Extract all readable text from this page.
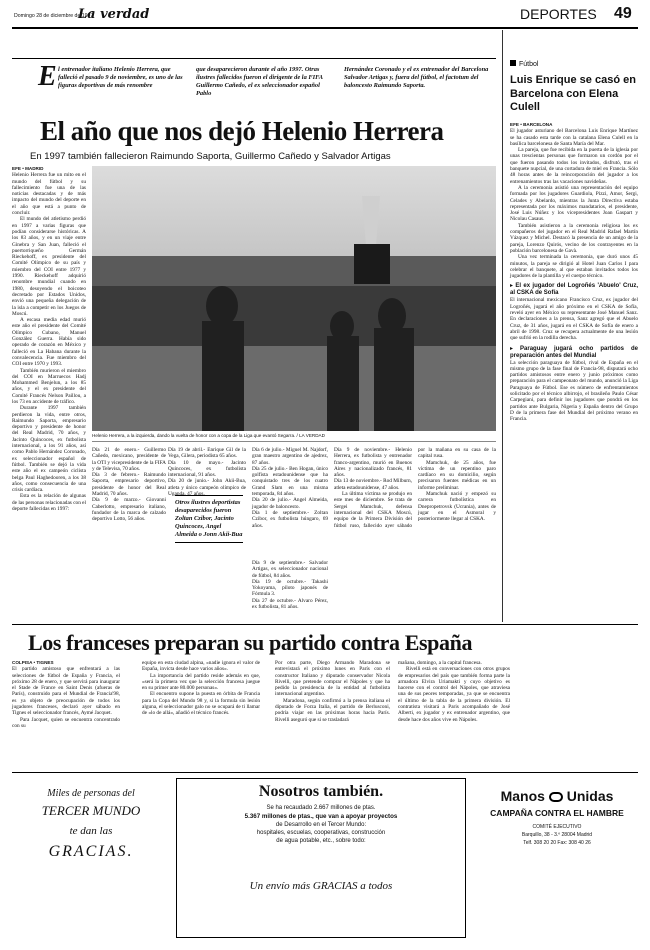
Domingo 28 de diciembre de 1997
La verdad	DEPORTES 49
E l entrenador italiano Helenio Herrera, que falleció el pasado 9 de noviembre, es uno de las figuras deportivas de más renombre
que desaparecieron durante el año 1997. Otras ilustres fallecidos fueron el dirigente de la FIFA Guillermo Cañedo, el ex seleccionador español Pablo
Hernández Coronado y el ex entrenador del Barcelona Salvador Artigas y, fuera del fútbol, el factotum del baloncesto Raimundo Saporta.
El año que nos dejó Helenio Herrera
En 1997 también fallecieron Raimundo Saporta, Guillermo Cañedo y Salvador Artigas

EFE • MADRID

Helenio Herrera fue un mito en el mundo del fútbol y su fallecimiento fue una de las noticias destacadas y de más impacto del mundo del deporte en el año que está a punto de concluir.

El mundo del atletismo perdió en 1997 a varias figuras que podían considerarse históricas. A los 83 años, y en un viaje entre Ginebra y San Juan, falleció el puertorriqueño Germán Rieckehoff, ex presidente del Comité Olímpico de su país y miembro del COI entre 1977 y 1990. Rieckehoff adquirió renombre mundial cuando en 1980, desoyendo el boicoteo decretado por Estados Unidos, envió una pequeña delegación de la isla a competir en los Juegos de Moscú.

A escasa media edad murió este año el presidente del Comité Olímpico Cubano, Manuel González Guerra. Había sido operado de corazón en México y falleció en La Habana durante la convalecencia. Fue miembro del COI entre 1970 y 1993.

También murieron el miembro del COI en Marruecos Hadj Mohammed Benjelun, a los 85 años, y el ex presidente del Comité Francés Nelson Paillou, a los 73 en accidente de tráfico.

Durante 1997 también perdieron la vida, entre otros, Raimundo Saporta, empresario deportivo y presidente de honor del Real Madrid, 70 años, y Jacinto Quincoces, ex futbolista internacional, a los 91 años, así como Pablo Hernández Coronado, ex seleccionador español de fútbol. También se dejó la vida este año el ex campeón ciclista belga Paul Haghedooren, a los 38 años, como consecuencia de una crisis cardíaca.

Esta es la relación de algunas de las personas relacionadas con el deporte fallecidas en 1997:

Helenio Herrera, a la izquierda, dando la vuelta de honor con a copa de la Liga que evantó Segarra. / LA VERDAD
Otros ilustres deportistas desaparecidos fueron Zoltan Czibor, Jacinto Quincoces, Angel Almeida o Jonn Akii-Bua

Día 21 de enero.- Guillermo Cañedo, mexicano, presidente de la OTI y vicepresidente de la FIFA y de Televisa, 70 años.

Día 3 de febrero.- Raimundo Saporta, empresario deportivo, presidente de honor del Real Madrid, 70 años.

Día 9 de marzo.- Giovanni Caberlotto, empresario italiano, fundador de la marca de calzado deportivo Lotto, 56 años.

Día 19 de abril.- Enrique Gil de la Vega, Gilera, periodista 65 años.

Día 10 de mayo.- Jacinto Quincoces, ex futbolista internacional, 91 años.

Día 20 de junio.- John Akii-Bua, atleta y único campeón olímpico de Uganda, 47 años.

Día 6 de julio.- Miguel M. Najdorf, gran maestro argentino de ajedrez, 87 años.

Día 25 de julio.- Ben Hogan, único golfista estadounidense que ha conquistado tres de los cuatro Grand Slam en una misma temporada, 84 años.

Día 20 de julio.- Angel Almeida, jugador de baloncesto.

Día 1 de septiembre.- Zoltan Czibor, ex futbolista húngaro, 69 años.

Día 9 de septiembre.- Salvador Artigas, ex seleccionador nacional de fútbol, 84 años.

Día 19 de octubre.- Takashi Yokoyama, piloto japonés de Fórmula 3.

Día 27 de octubre.- Alvaro Pérez, ex futbolista, 81 años.

Día 9 de noviembre.- Helenio Herrera, ex futbolista y entrenador franco-argentino, murió en Buenos Aires y nacionalizado francés, 81 años.

Día 13 de noviembre.- Rod Milburn, atleta estadounidense, 47 años.

La última víctima se produjo en este mes de diciembre. Se trata de Sergei Mamchuk, defensa internacional del CSKA Moscú, equipo de la Primera División del fútbol ruso, fallecido ayer sábado por la mañana en su casa de la capital rusa.

Mamchuk, de 25 años, fue víctima de un repentino paro cardíaco en su domicilio, según precisaron fuentes médicas en un informe preliminar.

Mamchuk nació y empezó su carrera futbolística en Dnepropetrovsk (Ucrania), antes de jugar en el Asmoral y posteriormente llegar al CSKA.

Fútbol
Luis Enrique se casó en Barcelona con Elena Culell

EFE • BARCELONA

El jugador asturiano del Barcelona Luis Enrique Martínez se ha casado esta tarde con la catalana Elena Culell en la basílica barcelonesa de Santa María del Mar.

La pareja, que fue recibida en la puerta de la iglesia por unas trescientas personas que formaron un cordón por el que fueron pasando todos los invitados, disfrutó, tras el banquete nupcial, de una cortadura de miel en Francia. Sólo 48 horas antes de la reincorporación del jugador a los entrenamientos tras las vacaciones navideñas.

A la ceremonia asistió una representación del equipo formada por los jugadores Guardiola, Pizzi, Amor, Sergi, Celades y Abelardo, mientras la Junta Directiva estaba representada por los máximos mandatarios, el presidente, José Luis Núñez y los vicepresidentes Joan Gaspart y Nicolau Casaus.

También asistieron a la ceremonia religiosa los ex compañeros del jugador en el Real Madrid Rafael Martín Vázquez y Michel. Destacó la presencia de un amigo de la pareja, Lorenzo Quirós, vecino de los contrayentes en la población barcelonesa de Gavà.

Una vez terminada la ceremonia, que duró unos 45 minutos, la pareja se dirigió al Hotel Juan Carlos I para celebrar el banquete, al que estaban invitados todos los jugadores de la plantilla y el cuerpo técnico.

▸ El ex jugador del Logroñés 'Abuelo' Cruz, al CSKA de Sofía

El internacional mexicano Francisco Cruz, ex jugador del Logroñés, jugará el año próximo en el CSKA de Sofía, reveló ayer en México su representante José Manuel Sanz. En declaraciones a la prensa, Sanz agregó que el Abuelo Cruz, de 31 años, jugará en el CSKA de Sofía de enero a abril de 1998. Cruz se recupera actualmente de una lesión que sufrió en la rodilla derecha.

▸ Paraguay jugará ocho partidos de preparación antes del Mundial

La selección paraguaya de fútbol, rival de España en el mismo grupo de la fase final de Francia-98, disputará ocho partidos amistosos entre enero y junio próximos como preparación para el campeonato del mundo, anunció la Liga Paraguaya de Fútbol. Ese es número de enfrentamientos solicitado por el técnico albirrojo, el brasileño Paulo César Carpegiani, para definir los jugadores que pondrá en los partidos ante Bulgaria, Nigeria y España dentro del Grupo D de la primera fase del Mundial del próximo verano en Francia.

Los franceses preparan su partido contra España

COLPISA • TIGNES

El partido amistoso que enfrentará a las selecciones de fútbol de España y Francia, el próximo 28 de enero, y que servirá para inaugurar el Stade de France en Saint Denis (afueras de París), construido para el Mundial de Francia'98, es ya objeto de preocupación de todos los jugadores franceses, declaró ayer sábado en Tignes el seleccionador francés, Aymé Jacquet.

Para Jacquet, quien se encuentra concentrado con su

equipo en esta ciudad alpina, «nadie ignora el valor de España, invicta desde hace varios años».

La importancia del partido reside además en que, «será la primera vez que la selección francesa juegue en su primer ante 80.000 personas».

El encuentro supone la puesta en órbita de Francia para la Copa del Mundo 98 y, si la formula sin lesión alguna, el seleccionador galo no se ocupará de ti llamar de «lo de allá», añadió el técnico francés.

Por otra parte, Diego Armando Maradona se entrevistará el próximo lunes en París con el constructor Italiano y diputado conservador Nicola Rivelli, que pretende comprar el Nápoles y que ha pedido la presidencia de la entidad al futbolista internacional argentino.

Maradona, según confirmó a la prensa italiana el diputado de Forza Italia, el partido de Berlusconi, podría viajar en las próximas horas hacia París. Rivelli aseguró que si se trasladará

mañana, domingo, a la capital francesa.

Rivelli está en conversaciones con otros grupos de empresarios del país que también forma parte la armadora Elvira Uriamakti y cuyo objetivo es hacerse con el control del Nápoles, que atraviesa una de sus peores temporadas, ya que se encuentra el último de la tabla de la primera división. El contratista visitará a Paris acompañado de José Alberti, ex jugador y ex entrenador argentino, que desde hace dos años vive en Nápoles.

Miles de personas del
TERCER MUNDO
te dan las
GRACIAS.
Nosotros también.
Se ha recaudado 2.667 millones de ptas.
5.367 millones de ptas., que van a apoyar proyectos
de Desarrollo en el Tercer Mundo:
hospitales, escuelas, cooperativas, construcción
de agua potable, etc., sobre todo:
Un envío más GRACIAS a todos
Manos Unidas
CAMPAÑA CONTRA EL HAMBRE
COMITÉ EJECUTIVO
Barquillo, 38 - 3.º 28004 Madrid
Telf. 308 20 20 Fax: 308 40 26
